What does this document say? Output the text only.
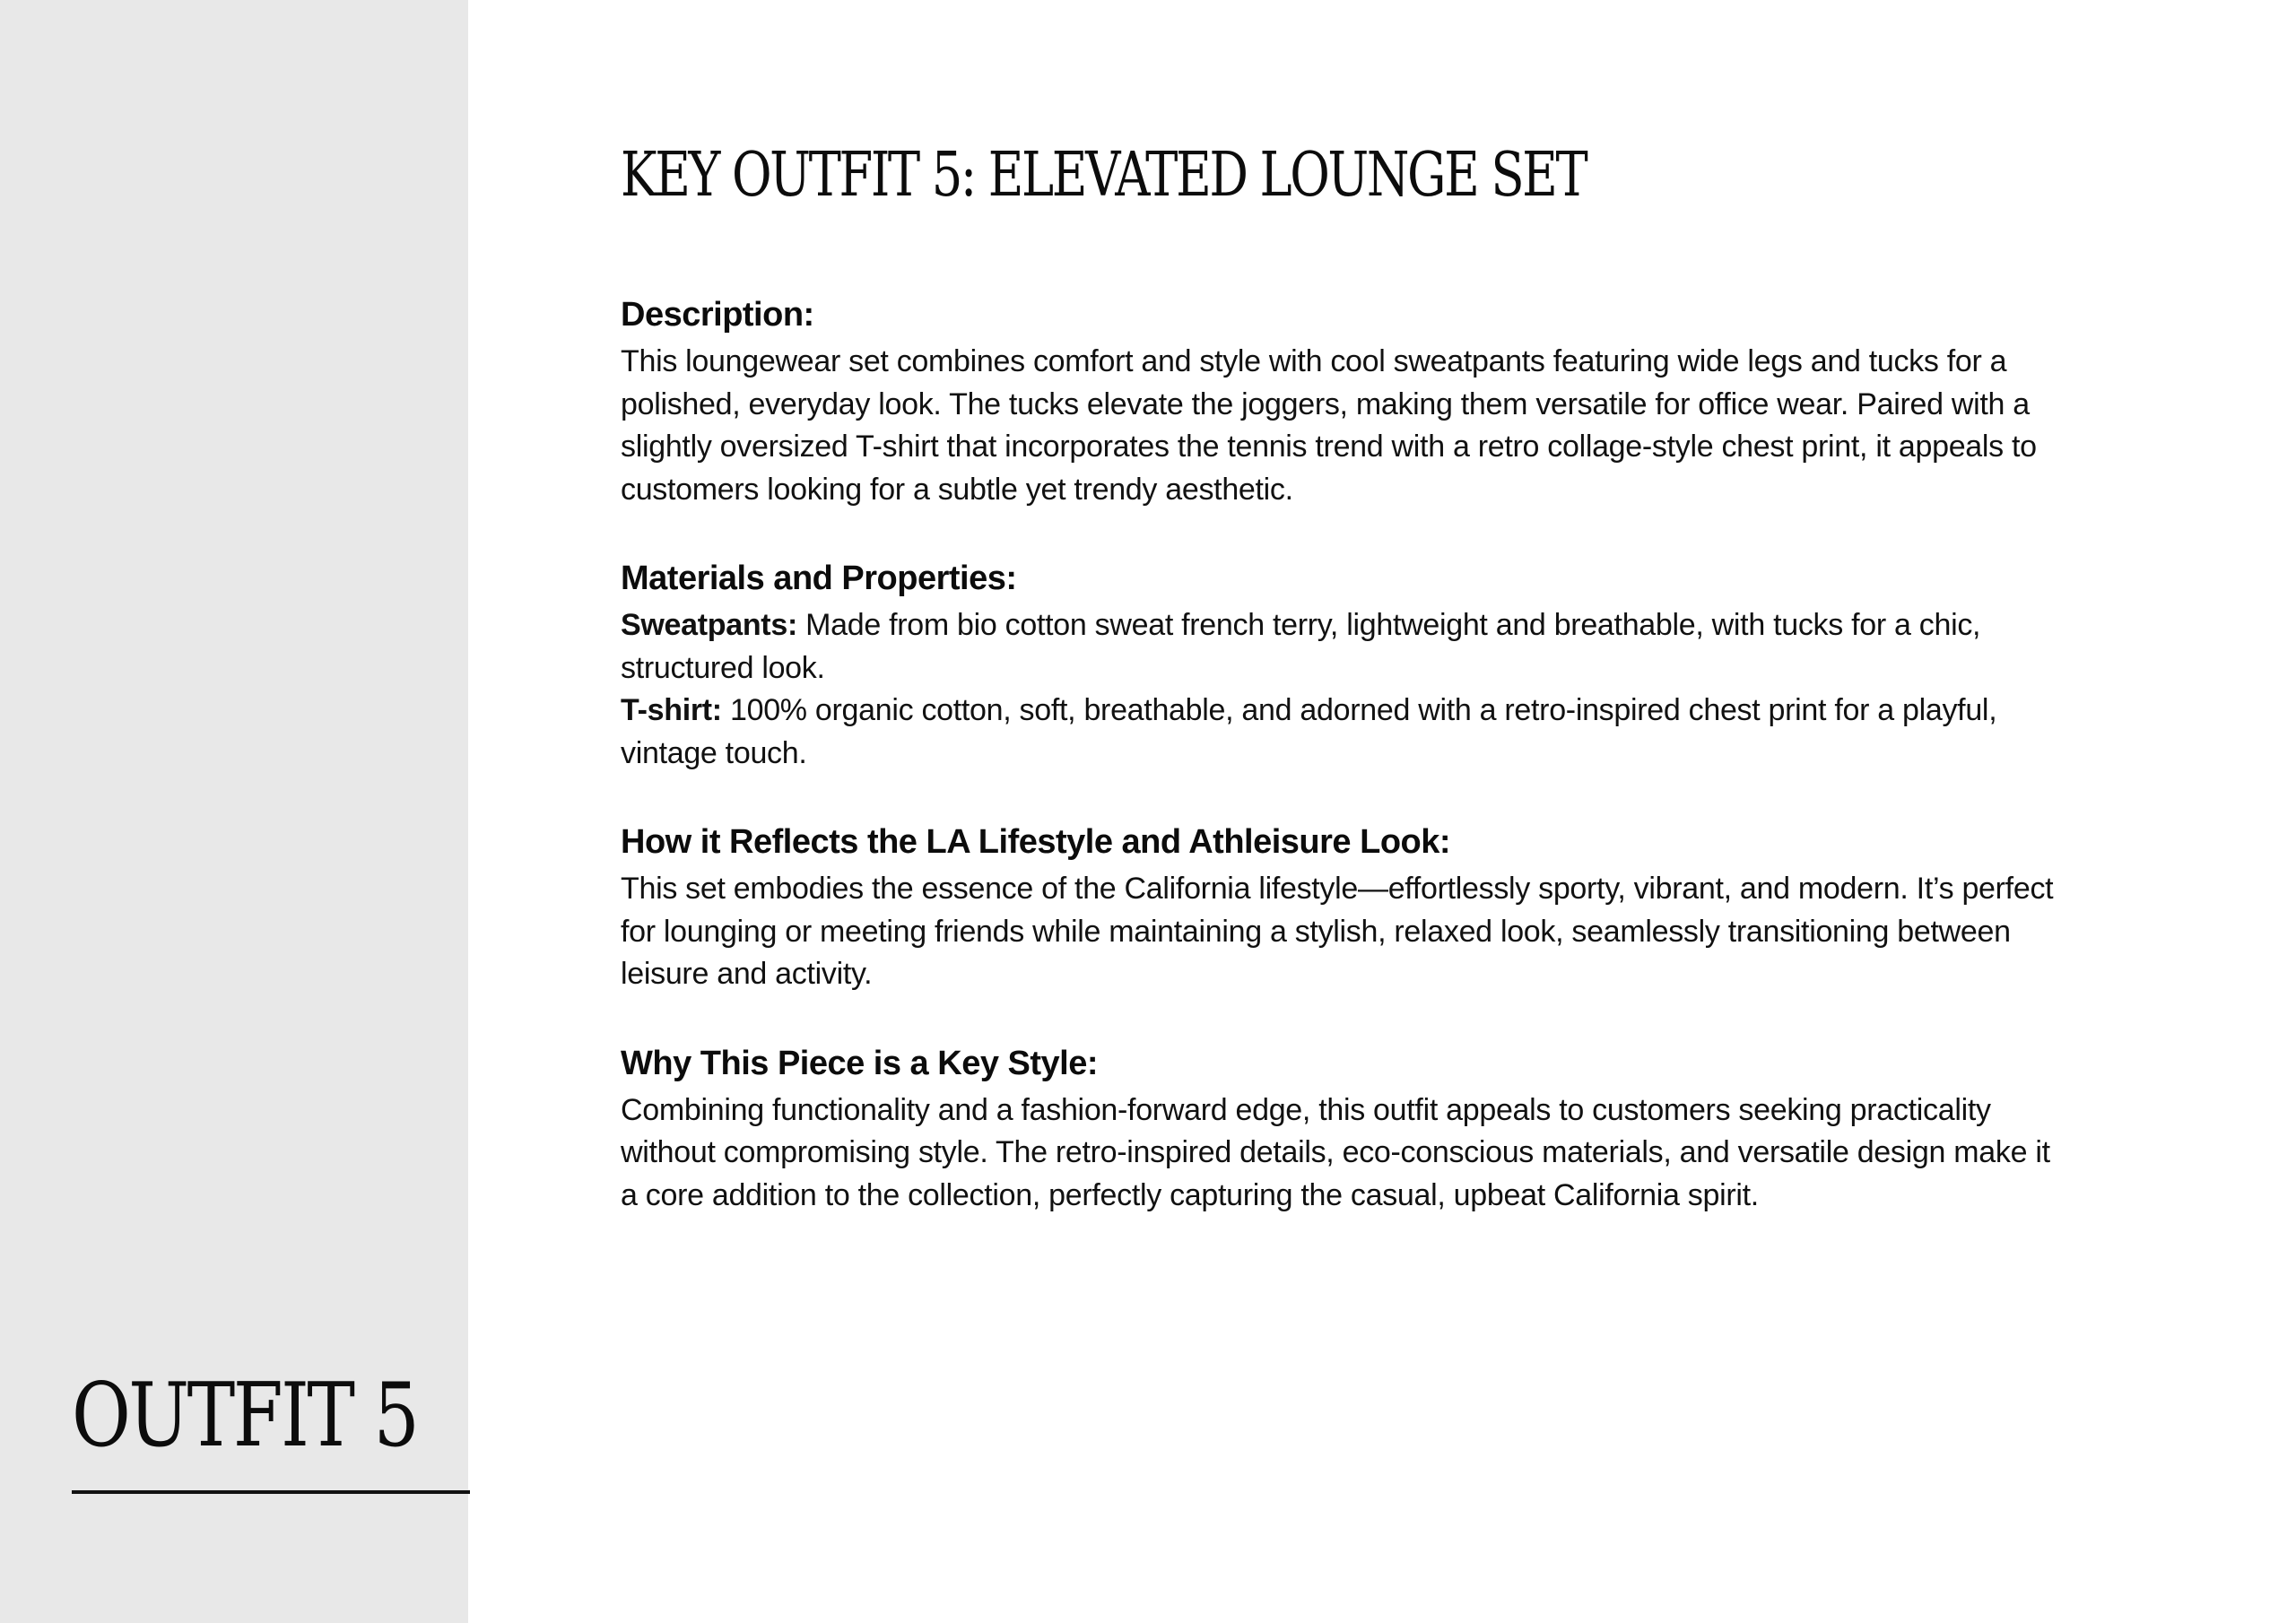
OUTFIT 5
KEY OUTFIT 5: ELEVATED LOUNGE SET
Description:

This loungewear set combines comfort and style with cool sweatpants featuring wide legs and tucks for a polished, everyday look. The tucks elevate the joggers, making them versatile for office wear. Paired with a slightly oversized T-shirt that incorporates the tennis trend with a retro collage-style chest print, it appeals to customers looking for a subtle yet trendy aesthetic.

Materials and Properties:

Sweatpants: Made from bio cotton sweat french terry, lightweight and breathable, with tucks for a chic, structured look.

T-shirt: 100% organic cotton, soft, breathable, and adorned with a retro-inspired chest print for a playful, vintage touch.

How it Reflects the LA Lifestyle and Athleisure Look:

This set embodies the essence of the California lifestyle—effortlessly sporty, vibrant, and modern. It’s perfect for lounging or meeting friends while maintaining a stylish, relaxed look, seamlessly transitioning between leisure and activity.

Why This Piece is a Key Style:

Combining functionality and a fashion-forward edge, this outfit appeals to customers seeking practicality without compromising style. The retro-inspired details, eco-conscious materials, and versatile design make it a core addition to the collection, perfectly capturing the casual, upbeat California spirit.
